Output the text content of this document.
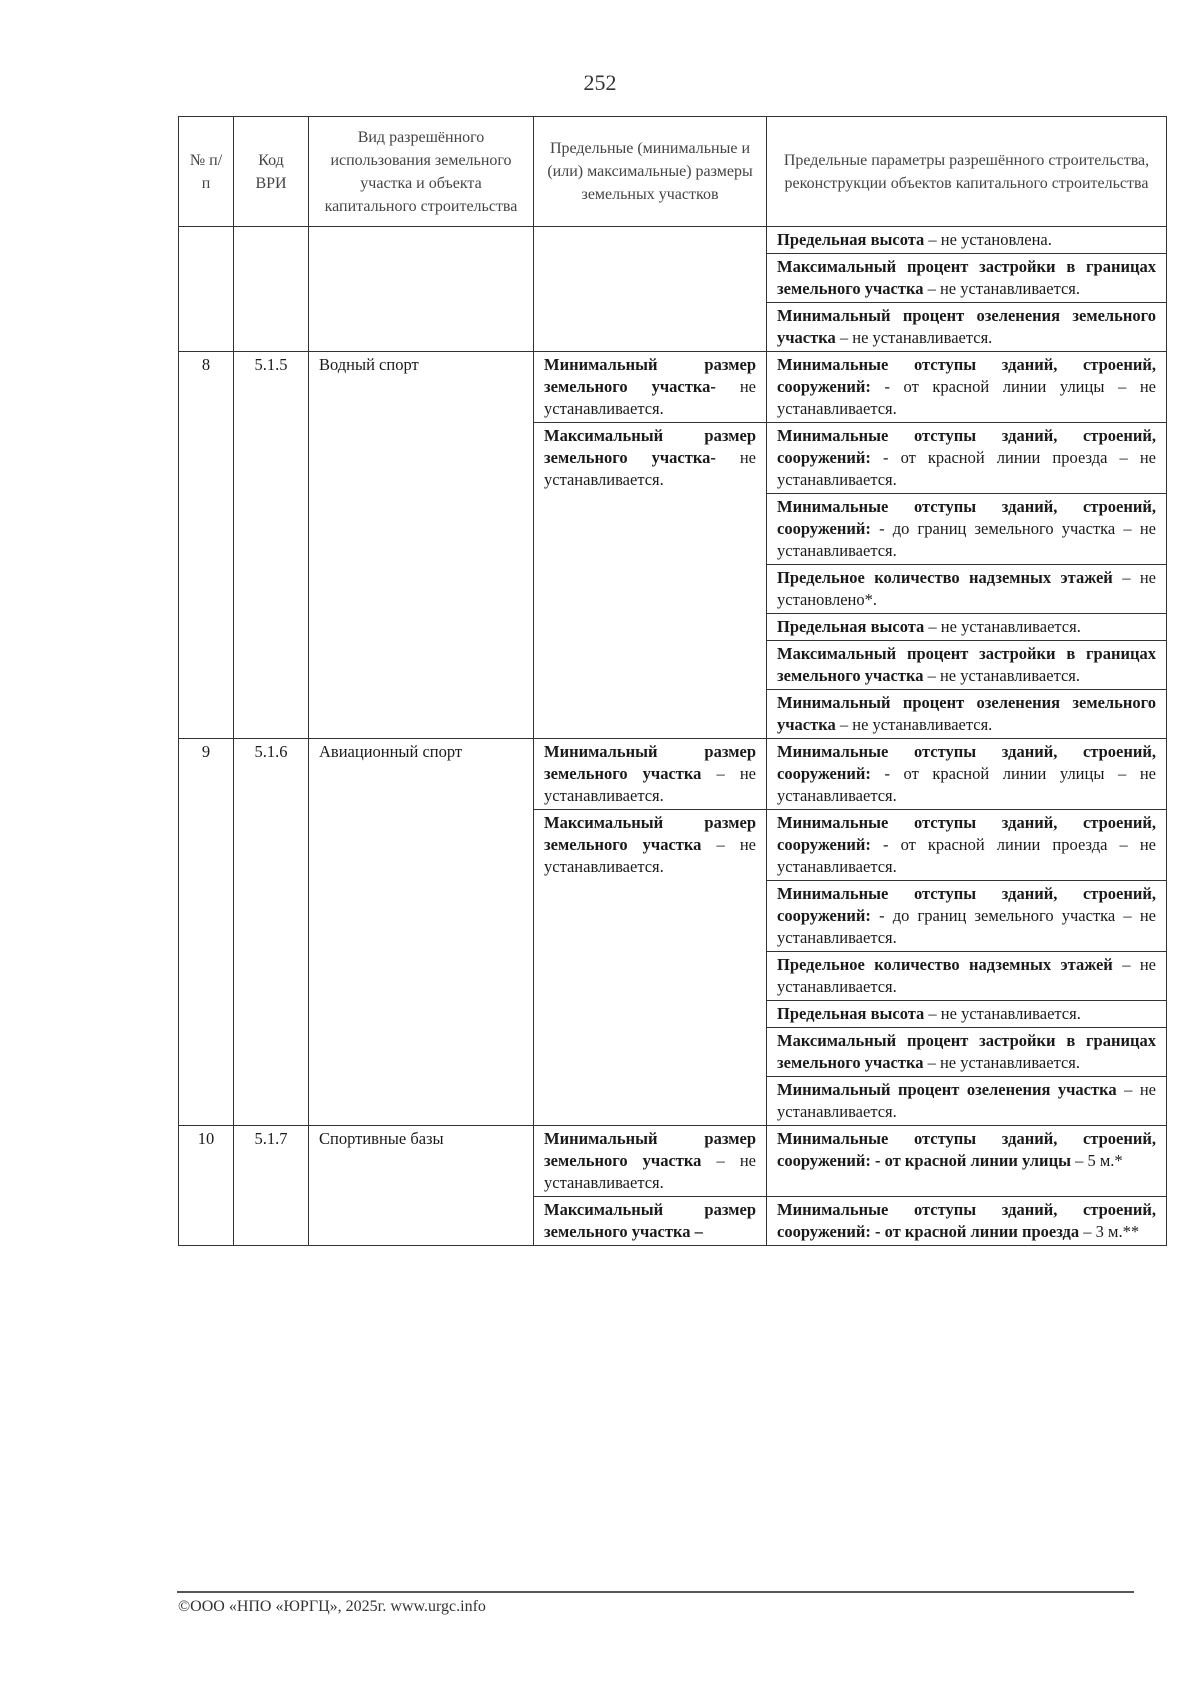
252
№ п/п	Код ВРИ	Вид разрешённого использования земельного участка и объекта капитального строительства	Предельные (минимальные и (или) максимальные) размеры земельных участков	Предельные параметры разрешённого строительства, реконструкции объектов капитального строительства
				Предельная высота – не установлена.
				Максимальный процент застройки в границах земельного участка – не устанавливается.
				Минимальный процент озеленения земельного участка – не устанавливается.
8	5.1.5	Водный спорт	Минимальный размер земельного участка- не устанавливается.	Минимальные отступы зданий, строений, сооружений: - от красной линии улицы – не устанавливается.
			Максимальный размер земельного участка- не устанавливается.	Минимальные отступы зданий, строений, сооружений: - от красной линии проезда – не устанавливается.
				Минимальные отступы зданий, строений, сооружений: - до границ земельного участка – не устанавливается.
				Предельное количество надземных этажей – не установлено*.
				Предельная высота – не устанавливается.
				Максимальный процент застройки в границах земельного участка – не устанавливается.
				Минимальный процент озеленения земельного участка – не устанавливается.
9	5.1.6	Авиационный спорт	Минимальный размер земельного участка – не устанавливается.	Минимальные отступы зданий, строений, сооружений: - от красной линии улицы – не устанавливается.
			Максимальный размер земельного участка – не устанавливается.	Минимальные отступы зданий, строений, сооружений: - от красной линии проезда – не устанавливается.
				Минимальные отступы зданий, строений, сооружений: - до границ земельного участка – не устанавливается.
				Предельное количество надземных этажей – не устанавливается.
				Предельная высота – не устанавливается.
				Максимальный процент застройки в границах земельного участка – не устанавливается.
				Минимальный процент озеленения участка – не устанавливается.
10	5.1.7	Спортивные базы	Минимальный размер земельного участка – не устанавливается.	Минимальные отступы зданий, строений, сооружений: - от красной линии улицы – 5 м.*
			Максимальный размер земельного участка –	Минимальные отступы зданий, строений, сооружений: - от красной линии проезда – 3 м.**
©ООО «НПО «ЮРГЦ», 2025г. www.urgc.info
